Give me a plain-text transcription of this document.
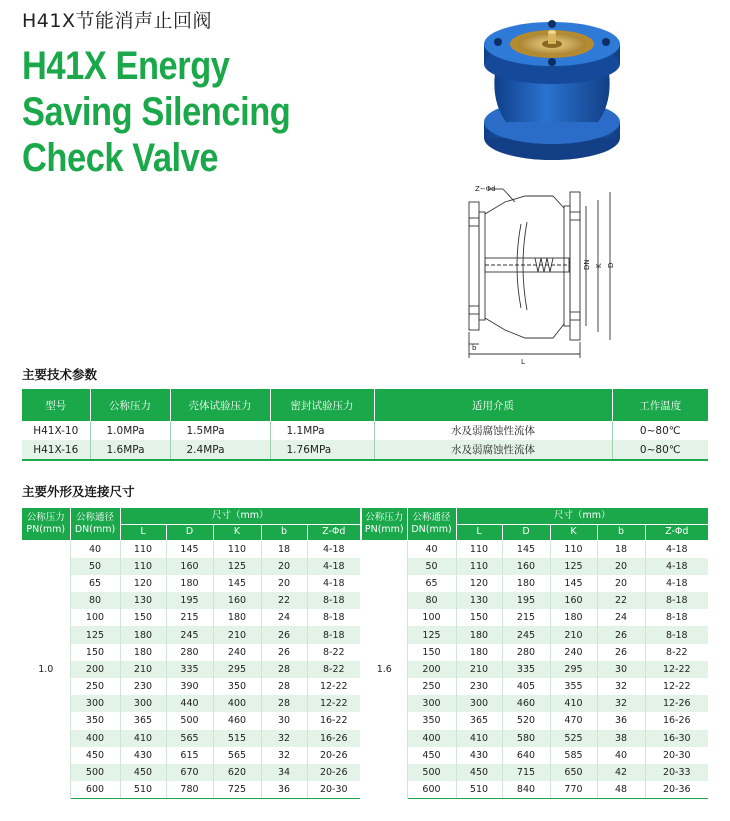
H41X节能消声止回阀
H41X Energy
Saving Silencing
Check Valve
Z−Φd
DN K D
b
L
主要技术参数
型号	公称压力	壳体试验压力	密封试验压力	适用介质	工作温度
H41X-10	1.0MPa	1.5MPa	1.1MPa	水及弱腐蚀性流体	0~80℃
H41X-16	1.6MPa	2.4MPa	1.76MPa	水及弱腐蚀性流体	0~80℃
主要外形及连接尺寸
公称压力PN(mm)	公称通径DN(mm)	尺寸（mm）				
		L	D	K	b	Z-Φd
1.0	40	110	145	110	18	4-18
	50	110	160	125	20	4-18
	65	120	180	145	20	4-18
	80	130	195	160	22	8-18
	100	150	215	180	24	8-18
	125	180	245	210	26	8-18
	150	180	280	240	26	8-22
	200	210	335	295	28	8-22
	250	230	390	350	28	12-22
	300	300	440	400	28	12-22
	350	365	500	460	30	16-22
	400	410	565	515	32	16-26
	450	430	615	565	32	20-26
	500	450	670	620	34	20-26
	600	510	780	725	36	20-30
公称压力PN(mm)	公称通径DN(mm)	尺寸（mm）				
		L	D	K	b	Z-Φd
1.6	40	110	145	110	18	4-18
	50	110	160	125	20	4-18
	65	120	180	145	20	4-18
	80	130	195	160	22	8-18
	100	150	215	180	24	8-18
	125	180	245	210	26	8-18
	150	180	280	240	26	8-22
	200	210	335	295	30	12-22
	250	230	405	355	32	12-22
	300	300	460	410	32	12-26
	350	365	520	470	36	16-26
	400	410	580	525	38	16-30
	450	430	640	585	40	20-30
	500	450	715	650	42	20-33
	600	510	840	770	48	20-36
